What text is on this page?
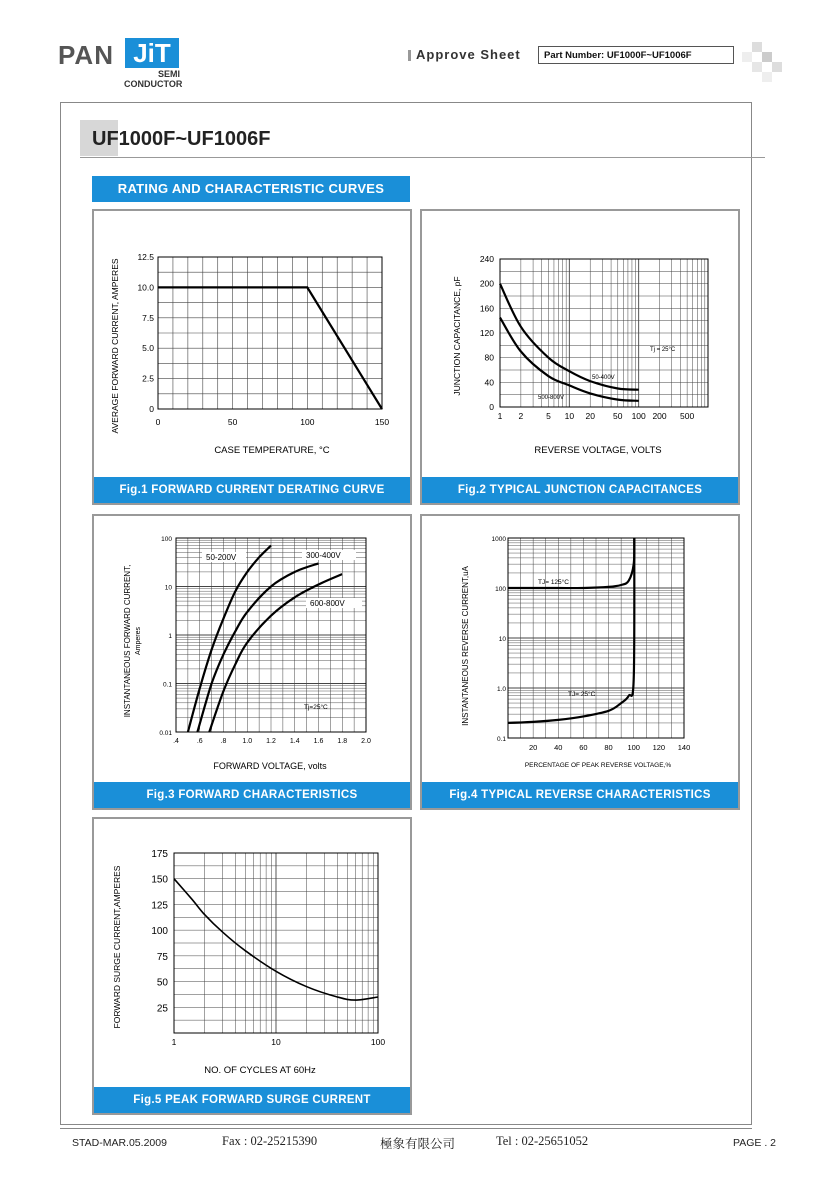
PAN JiT
SEMI
CONDUCTOR
Approve Sheet	Part Number: UF1000F~UF1006F
UF1000F~UF1006F
RATING AND CHARACTERISTIC CURVES
0	50	100	150
0
2.5
5.0
7.5
10.0
12.5
AVERAGE FORWARD CURRENT, AMPERES
CASE TEMPERATURE, °C
Fig.1 FORWARD CURRENT DERATING CURVE
1 2	5 10 20 50 100 200 500
0
40
80
120
160
200
240
50-400V
500-800V
Tj = 25°C
JUNCTION CAPACITANCE, pF
REVERSE VOLTAGE, VOLTS
Fig.2 TYPICAL JUNCTION CAPACITANCES
.4	.6	.8 1.0 1.2 1.4 1.6 1.8 2.0
0.01
0.1
1
10
100
50-200V	300-400V
600-800V
Tj=25°C
INSTANTANEOUS FORWARD CURRENT, Amperes
FORWARD VOLTAGE, volts
Fig.3 FORWARD CHARACTERISTICS
20 40 60 80 100 120 140
0.1
1.0
10
100
1000
TJ= 125°C
TJ= 25°C
INSTANTANEOUS REVERSE CURRENT,uA
PERCENTAGE OF PEAK REVERSE VOLTAGE,%
Fig.4 TYPICAL REVERSE CHARACTERISTICS
1	10	100
25
50
75
100
125
150
175
FORWARD SURGE CURRENT,AMPERES
NO. OF CYCLES AT 60Hz
Fig.5 PEAK FORWARD SURGE CURRENT
STAD-MAR.05.2009	Fax : 02-25215390	極象有限公司	Tel : 02-25651052	PAGE . 2
